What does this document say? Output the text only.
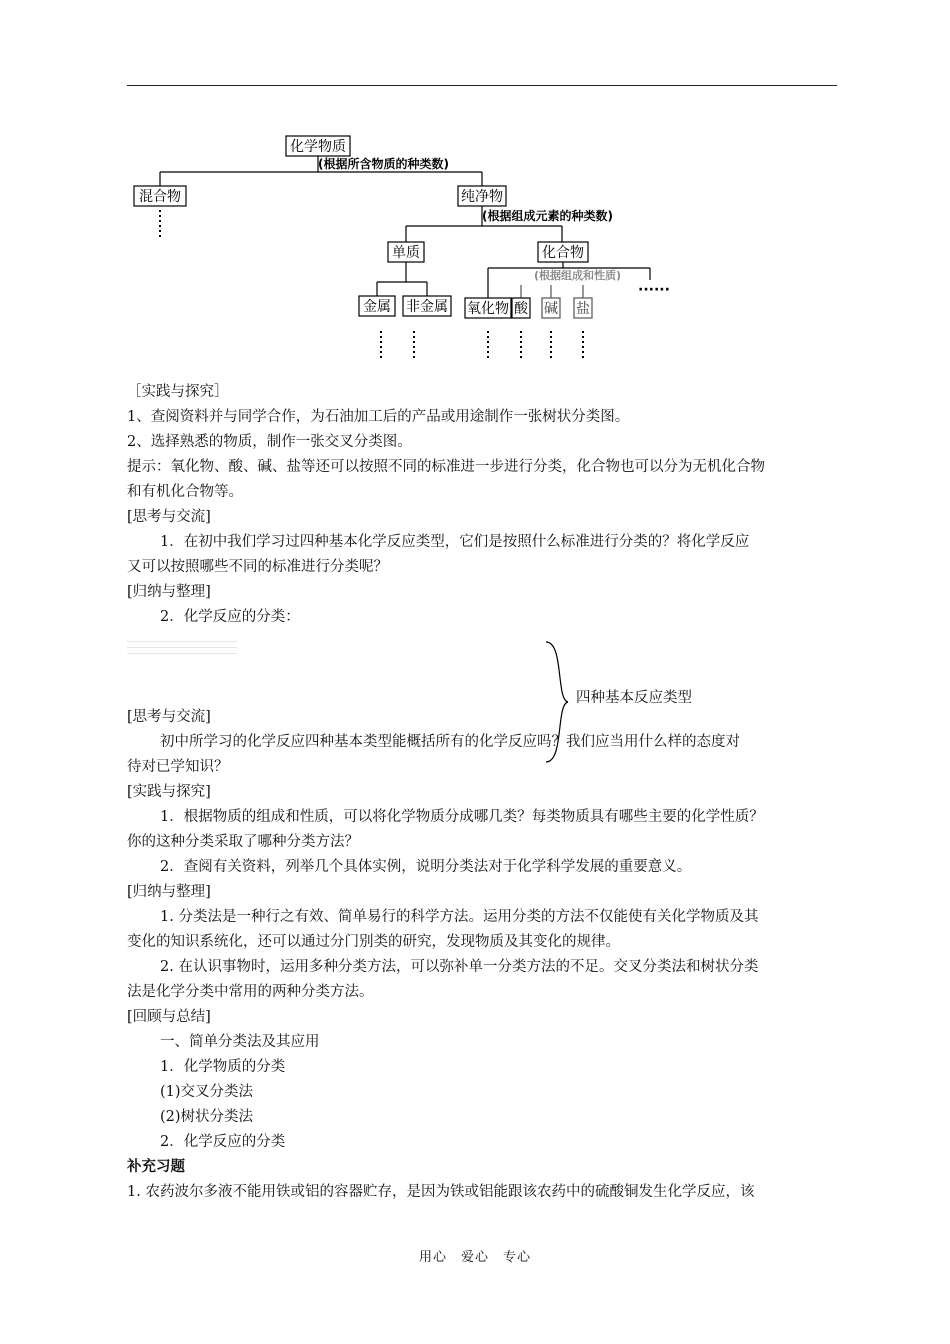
化学物质
(根据所含物质的种类数)
混合物	纯净物
(根据组成元素的种类数)
单质	化合物
(根据组成和性质)
金属 非金属 氧化物 酸 碱 盐
······
［实践与探究］
1、查阅资料并与同学合作，为石油加工后的产品或用途制作一张树状分类图。
2、选择熟悉的物质，制作一张交叉分类图。
提示：氧化物、酸、碱、盐等还可以按照不同的标准进一步进行分类，化合物也可以分为无机化合物
和有机化合物等。
[思考与交流]
1．在初中我们学习过四种基本化学反应类型，它们是按照什么标准进行分类的？将化学反应
又可以按照哪些不同的标准进行分类呢？
[归纳与整理]
2．化学反应的分类：
四种基本反应类型
[思考与交流]
初中所学习的化学反应四种基本类型能概括所有的化学反应吗？我们应当用什么样的态度对
待对已学知识？
[实践与探究]
1．根据物质的组成和性质，可以将化学物质分成哪几类？每类物质具有哪些主要的化学性质？
你的这种分类采取了哪种分类方法？
2．查阅有关资料，列举几个具体实例，说明分类法对于化学科学发展的重要意义。
[归纳与整理]
1. 分类法是一种行之有效、简单易行的科学方法。运用分类的方法不仅能使有关化学物质及其
变化的知识系统化，还可以通过分门别类的研究，发现物质及其变化的规律。
2. 在认识事物时，运用多种分类方法，可以弥补单一分类方法的不足。交叉分类法和树状分类
法是化学分类中常用的两种分类方法。
[回顾与总结]
一、简单分类法及其应用
1．化学物质的分类
(1)交叉分类法
(2)树状分类法
2．化学反应的分类
补充习题
1. 农药波尔多液不能用铁或铝的容器贮存，是因为铁或铝能跟该农药中的硫酸铜发生化学反应，该
用心　爱心　专心
